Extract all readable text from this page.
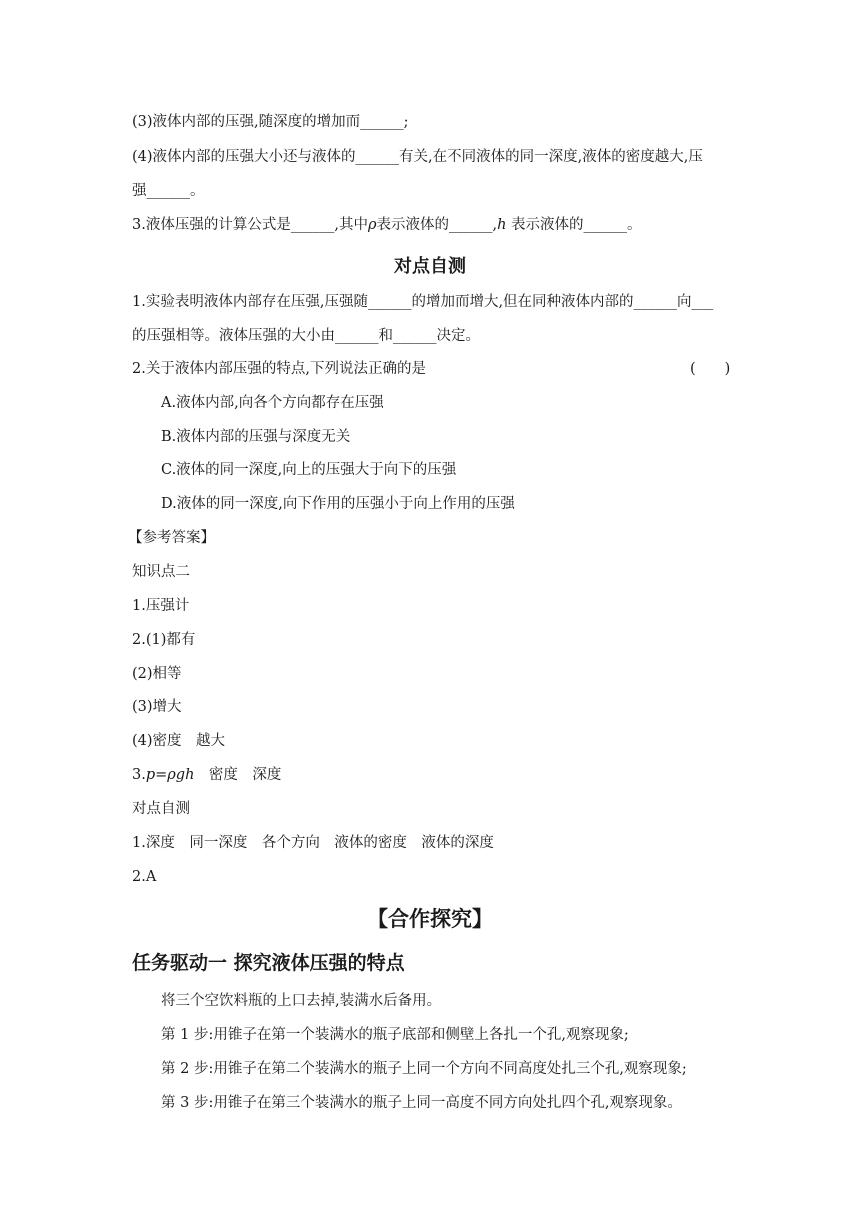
(3)液体内部的压强,随深度的增加而______;
(4)液体内部的压强大小还与液体的______有关,在不同液体的同一深度,液体的密度越大,压
强______。
3.液体压强的计算公式是______,其中ρ表示液体的______,h 表示液体的______。
对点自测
1.实验表明液体内部存在压强,压强随______的增加而增大,但在同种液体内部的______向___
的压强相等。液体压强的大小由______和______决定。
2.关于液体内部压强的特点,下列说法正确的是	(　　)
A.液体内部,向各个方向都存在压强
B.液体内部的压强与深度无关
C.液体的同一深度,向上的压强大于向下的压强
D.液体的同一深度,向下作用的压强小于向上作用的压强
【参考答案】
知识点二
1.压强计
2.(1)都有
(2)相等
(3)增大
(4)密度　越大
3.p=ρgh　密度　深度
对点自测
1.深度　同一深度　各个方向　液体的密度　液体的深度
2.A
【合作探究】
任务驱动一 探究液体压强的特点
将三个空饮料瓶的上口去掉,装满水后备用。
第 1 步:用锥子在第一个装满水的瓶子底部和侧壁上各扎一个孔,观察现象;
第 2 步:用锥子在第二个装满水的瓶子上同一个方向不同高度处扎三个孔,观察现象;
第 3 步:用锥子在第三个装满水的瓶子上同一高度不同方向处扎四个孔,观察现象。
